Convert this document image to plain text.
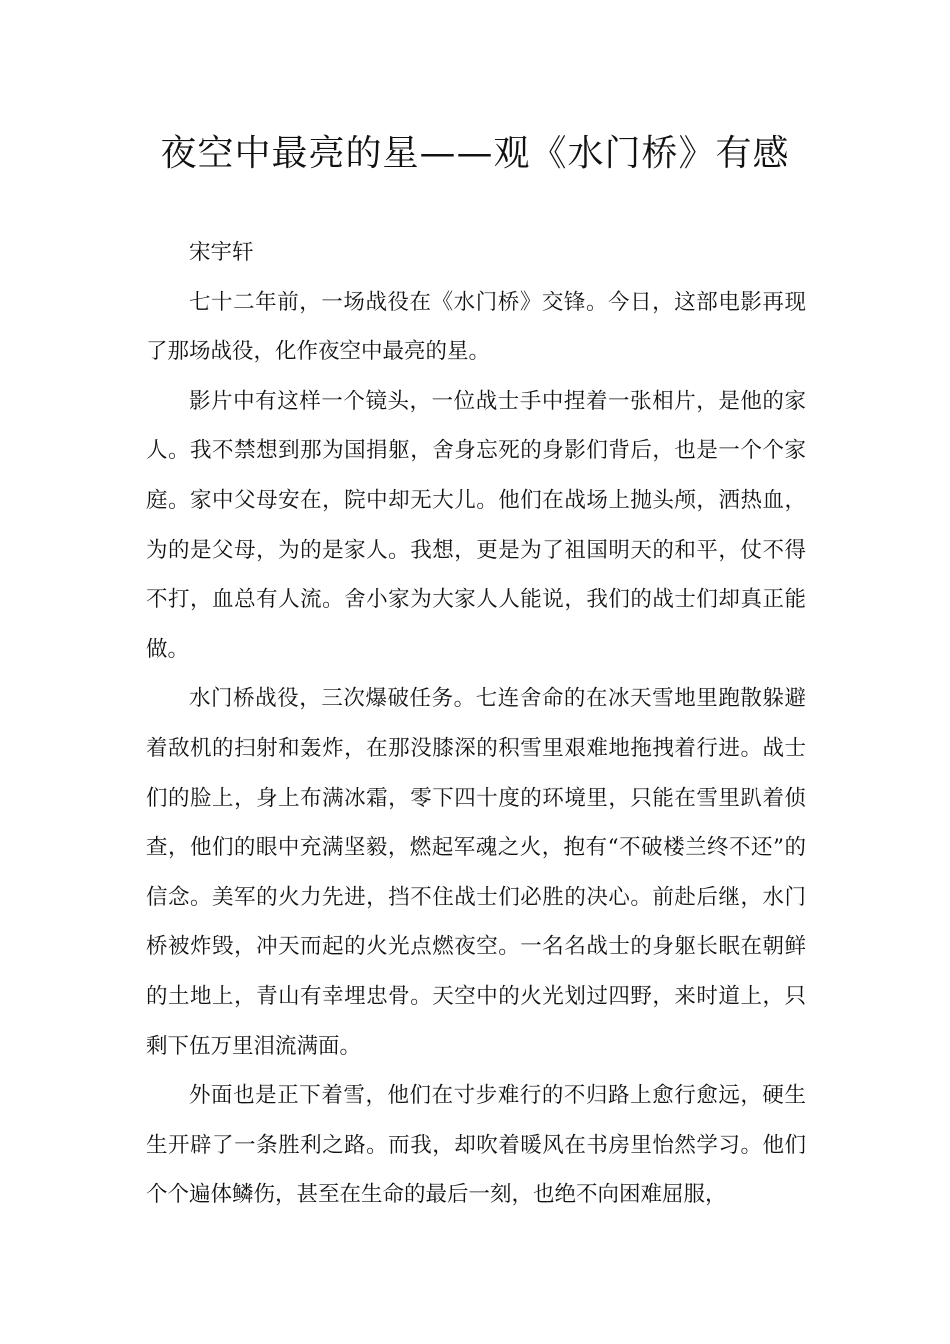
夜空中最亮的星——观《水门桥》有感

宋宇轩

七十二年前，一场战役在《水门桥》交锋。今日，这部电影再现了那场战役，化作夜空中最亮的星。

影片中有这样一个镜头，一位战士手中捏着一张相片，是他的家人。我不禁想到那为国捐躯，舍身忘死的身影们背后，也是一个个家庭。家中父母安在，院中却无大儿。他们在战场上抛头颅，洒热血，为的是父母，为的是家人。我想，更是为了祖国明天的和平，仗不得不打，血总有人流。舍小家为大家人人能说，我们的战士们却真正能做。

水门桥战役，三次爆破任务。七连舍命的在冰天雪地里跑散躲避着敌机的扫射和轰炸，在那没膝深的积雪里艰难地拖拽着行进。战士们的脸上，身上布满冰霜，零下四十度的环境里，只能在雪里趴着侦查，他们的眼中充满坚毅，燃起军魂之火，抱有“不破楼兰终不还”的信念。美军的火力先进，挡不住战士们必胜的决心。前赴后继，水门桥被炸毁，冲天而起的火光点燃夜空。一名名战士的身躯长眠在朝鲜的土地上，青山有幸埋忠骨。天空中的火光划过四野，来时道上，只剩下伍万里泪流满面。

外面也是正下着雪，他们在寸步难行的不归路上愈行愈远，硬生生开辟了一条胜利之路。而我，却吹着暖风在书房里怡然学习。他们个个遍体鳞伤，甚至在生命的最后一刻，也绝不向困难屈服，
